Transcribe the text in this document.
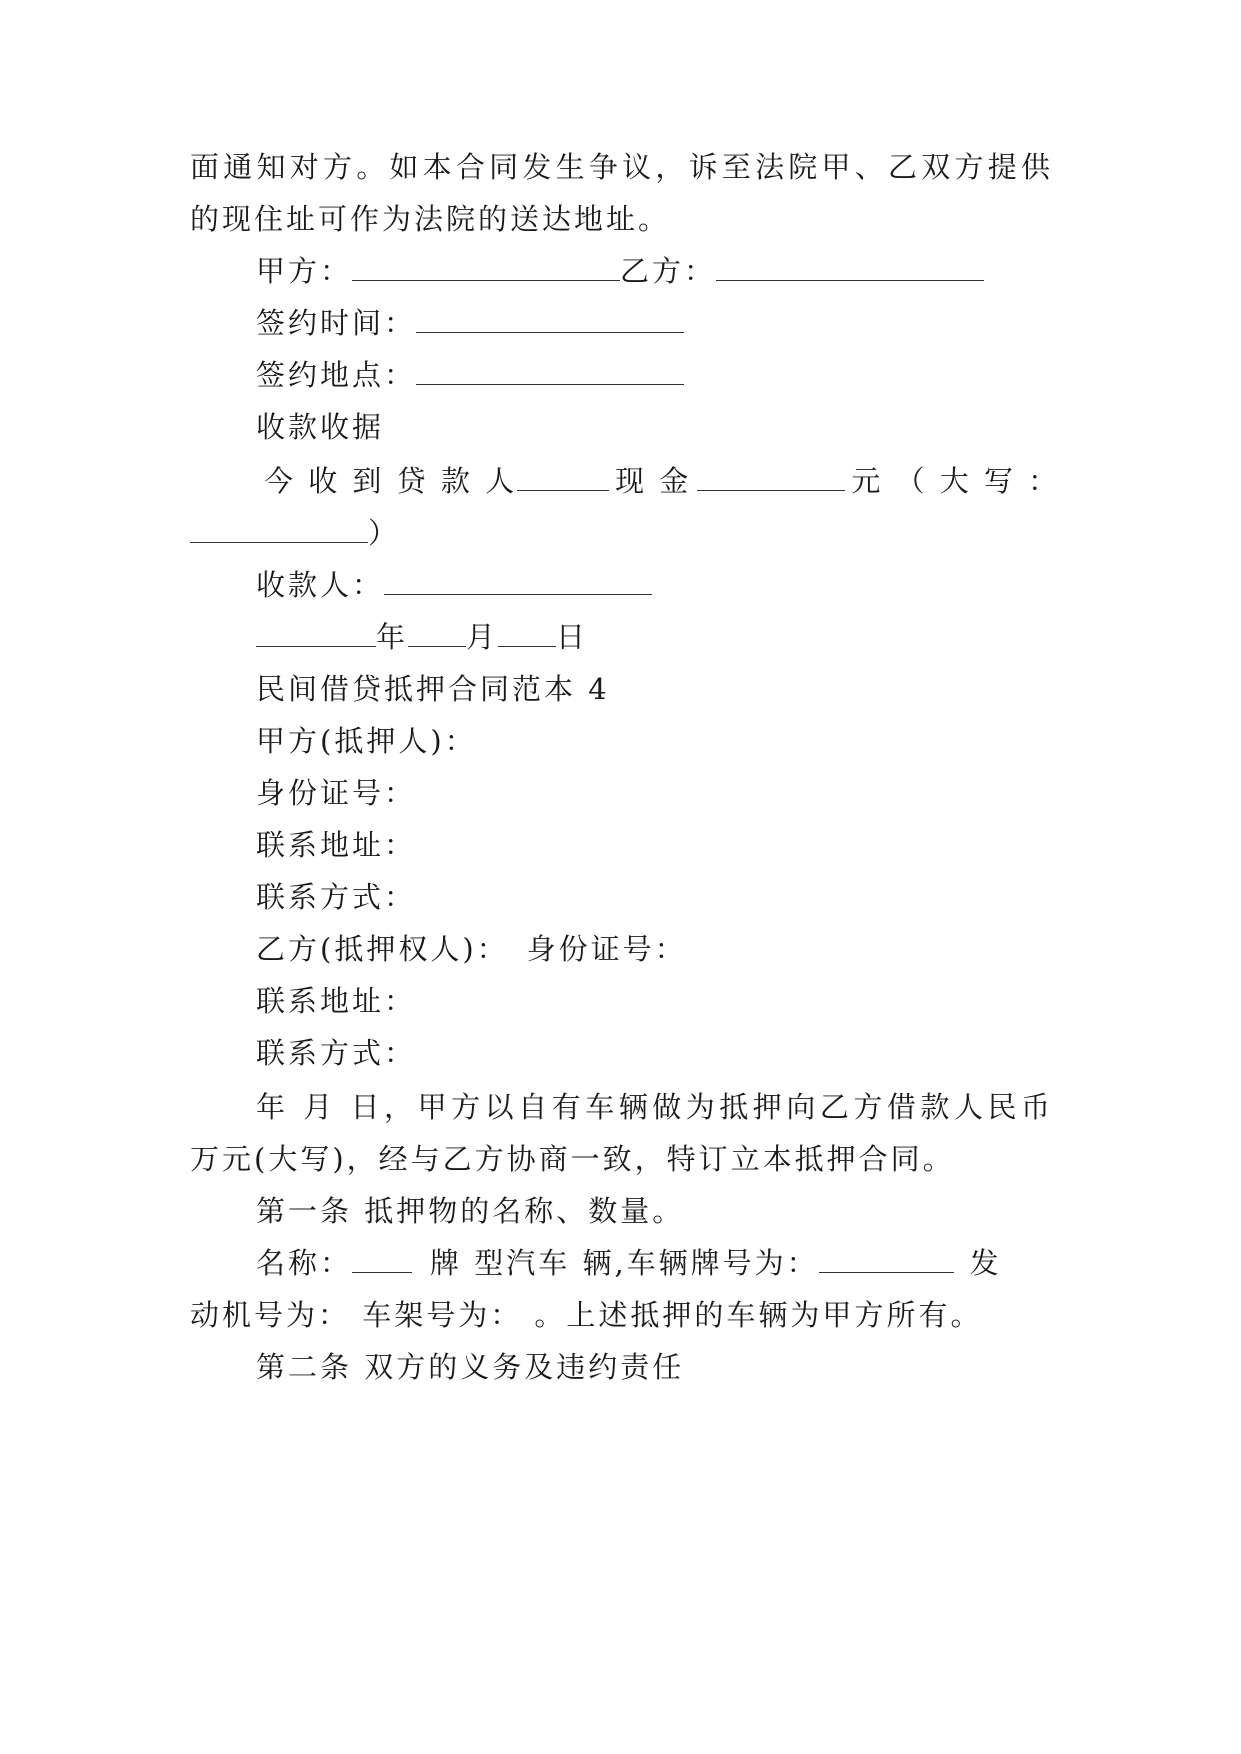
面通知对方。如本合同发生争议，诉至法院甲、乙双方提供
的现住址可作为法院的送达地址。
甲方：	乙方：
签约时间：
签约地点：
收款收据
今 收 到 贷 款 人	现 金	元 （ 大 写 ：
）
收款人：
年 月 日
民间借贷抵押合同范本 4
甲方(抵押人)：
身份证号：
联系地址：
联系方式：
乙方(抵押权人)： 身份证号：
联系地址：
联系方式：
年 月 日，甲方以自有车辆做为抵押向乙方借款人民币
万元(大写)，经与乙方协商一致，特订立本抵押合同。
第一条 抵押物的名称、数量。
名称：	牌 型汽车 辆,车辆牌号为：	发
动机号为： 车架号为： 。上述抵押的车辆为甲方所有。
第二条 双方的义务及违约责任
